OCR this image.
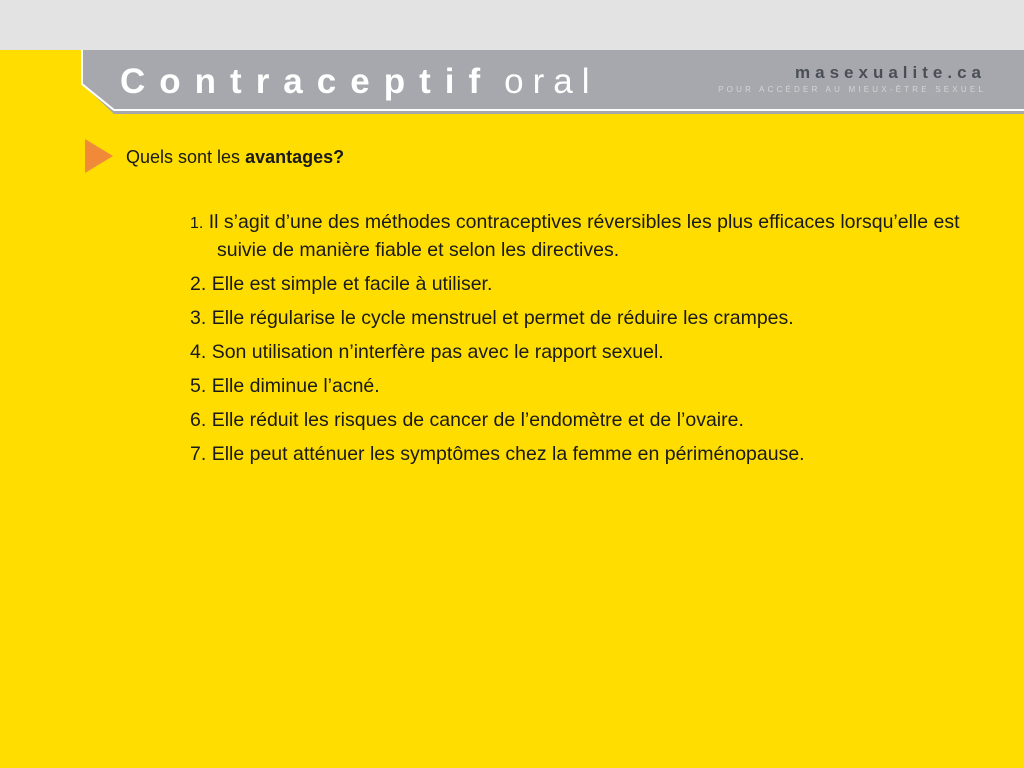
Contraceptif oral	masexualite.ca
POUR ACCÉDER AU MIEUX-ÊTRE SEXUEL
Quels sont les avantages?
1. Il s’agit d’une des méthodes contraceptives réversibles les plus efficaces lorsqu’elle est suivie de manière fiable et selon les directives.
2. Elle est simple et facile à utiliser.
3. Elle régularise le cycle menstruel et permet de réduire les crampes.
4. Son utilisation n’interfère pas avec le rapport sexuel.
5. Elle diminue l’acné.
6. Elle réduit les risques de cancer de l’endomètre et de l’ovaire.
7. Elle peut atténuer les symptômes chez la femme en périménopause.
